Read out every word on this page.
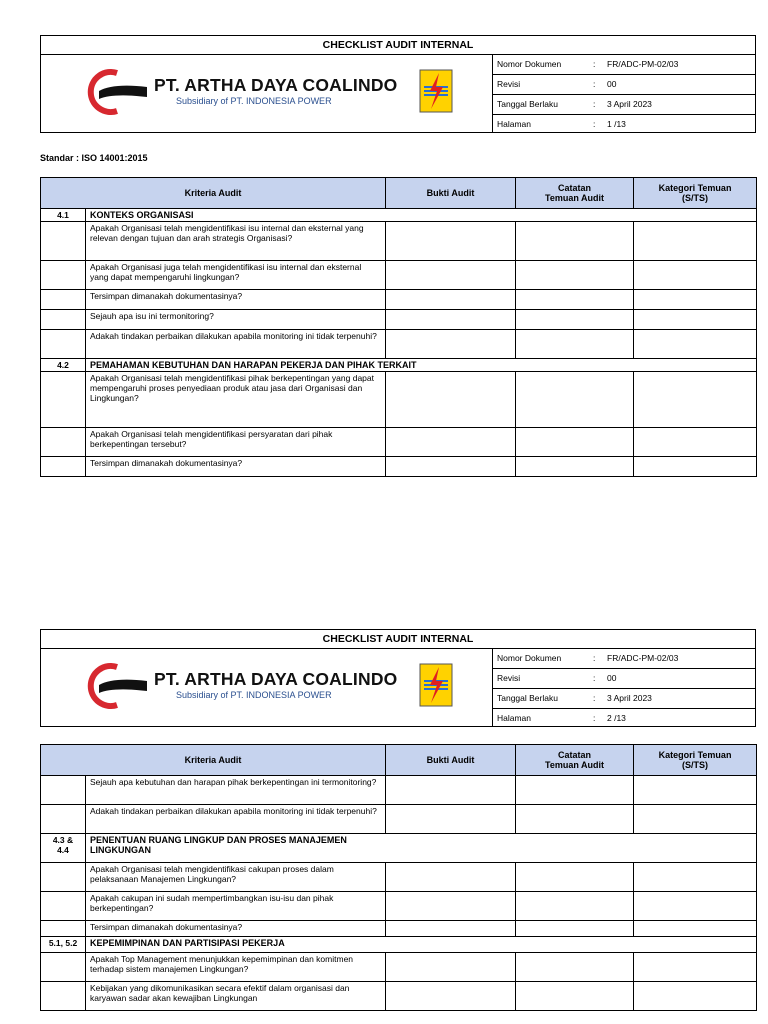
CHECKLIST AUDIT INTERNAL
PT. ARTHA DAYA COALINDO
Subsidiary of PT. INDONESIA POWER
Nomor Dokumen	: FR/ADC-PM-02/03
Revisi	: 00
Tanggal Berlaku	: 3 April 2023
Halaman	: 1 /13
Standar : ISO 14001:2015
Kriteria Audit		Bukti Audit	Catatan
Temuan Audit	Kategori Temuan
(S/TS)
4.1	KONTEKS ORGANISASI			
	Apakah Organisasi telah mengidentifikasi isu internal dan eksternal yang relevan dengan tujuan dan arah strategis Organisasi?			
	Apakah Organisasi juga telah mengidentifikasi isu internal dan eksternal yang dapat mempengaruhi lingkungan?			
	Tersimpan dimanakah dokumentasinya?			
	Sejauh apa isu ini termonitoring?			
	Adakah tindakan perbaikan dilakukan apabila monitoring ini tidak terpenuhi?			
4.2	PEMAHAMAN KEBUTUHAN DAN HARAPAN PEKERJA DAN PIHAK TERKAIT			
	Apakah Organisasi telah mengidentifikasi pihak berkepentingan yang dapat mempengaruhi proses penyediaan produk atau jasa dari Organisasi dan Lingkungan?			
	Apakah Organisasi telah mengidentifikasi persyaratan dari pihak berkepentingan tersebut?			
	Tersimpan dimanakah dokumentasinya?			
CHECKLIST AUDIT INTERNAL
PT. ARTHA DAYA COALINDO
Subsidiary of PT. INDONESIA POWER
Nomor Dokumen	: FR/ADC-PM-02/03
Revisi	: 00
Tanggal Berlaku	: 3 April 2023
Halaman	: 2 /13
Kriteria Audit		Bukti Audit	Catatan
Temuan Audit	Kategori Temuan
(S/TS)
	Sejauh apa kebutuhan dan harapan pihak berkepentingan ini termonitoring?			
	Adakah tindakan perbaikan dilakukan apabila monitoring ini tidak terpenuhi?			
4.3 &
4.4	PENENTUAN RUANG LINGKUP DAN PROSES MANAJEMEN LINGKUNGAN			

	Apakah Organisasi telah mengidentifikasi cakupan proses dalam pelaksanaan Manajemen Lingkungan?			
	Apakah cakupan ini sudah mempertimbangkan isu-isu dan pihak berkepentingan?			
	Tersimpan dimanakah dokumentasinya?			
5.1, 5.2	KEPEMIMPINAN DAN PARTISIPASI PEKERJA			
	Apakah Top Management menunjukkan kepemimpinan dan komitmen terhadap sistem manajemen Lingkungan?			
	Kebijakan yang dikomunikasikan secara efektif dalam organisasi dan karyawan sadar akan kewajiban Lingkungan			
